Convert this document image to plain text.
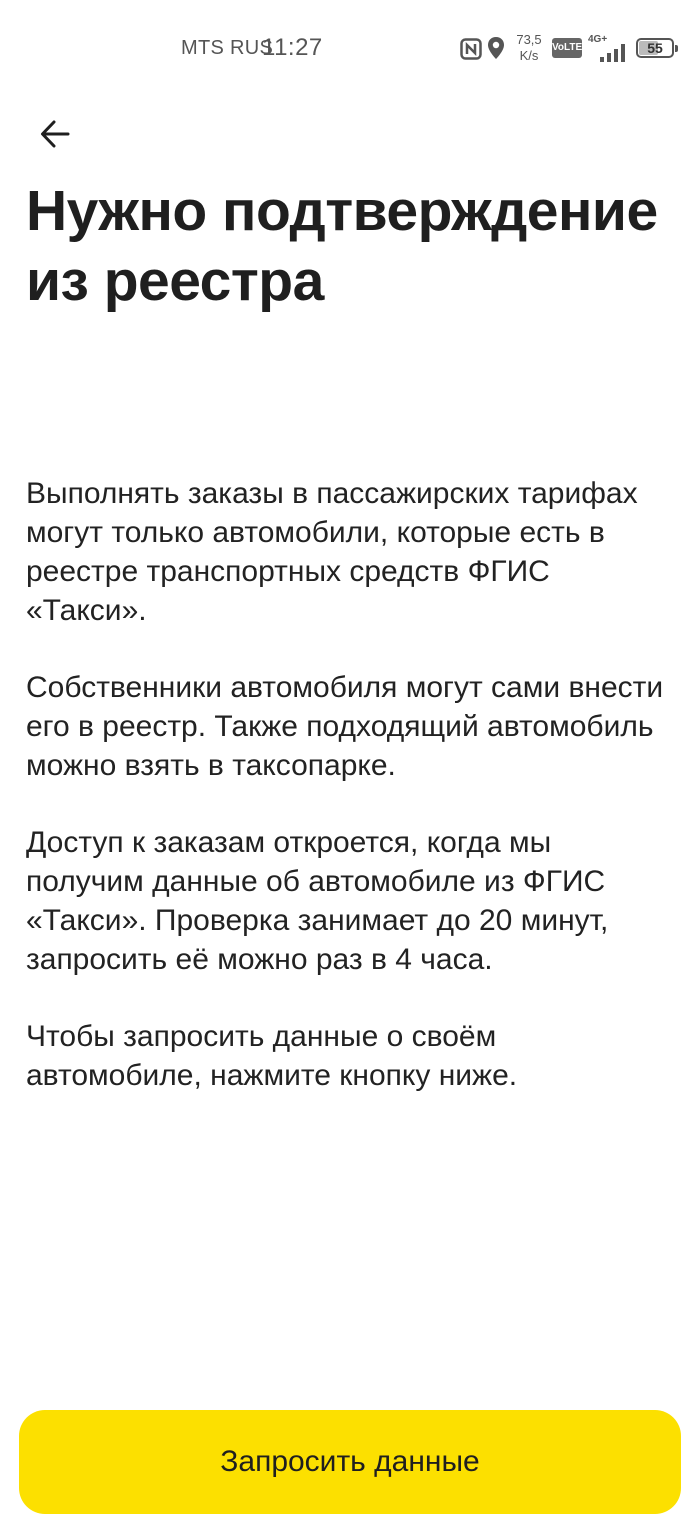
MTS RUS
11:27	73,5
K/s
VoLTE
4G+
55
Нужно подтверждение из реестра

Выполнять заказы в пассажирских тарифах могут только автомобили, которые есть в реестре транспортных средств ФГИС «Такси».

Собственники автомобиля могут сами внести его в реестр. Также подходящий автомобиль можно взять в таксопарке.

Доступ к заказам откроется, когда мы получим данные об автомобиле из ФГИС «Такси». Проверка занимает до 20 минут, запросить её можно раз в 4 часа.

Чтобы запросить данные о своём автомобиле, нажмите кнопку ниже.

Запросить данные
